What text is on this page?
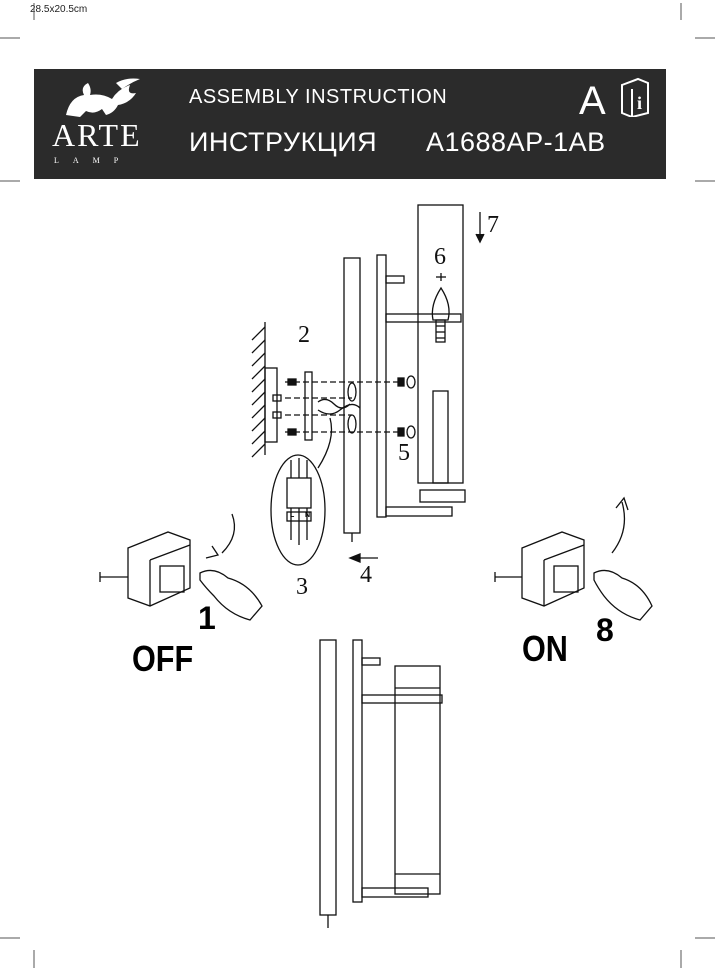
28.5x20.5cm
ARTE
LAMP
ASSEMBLY INSTRUCTION
ИНСТРУКЦИЯ A1688AP-1AB
A i
2
3 4
5
6
7
1	8
OFF	ON
L N
